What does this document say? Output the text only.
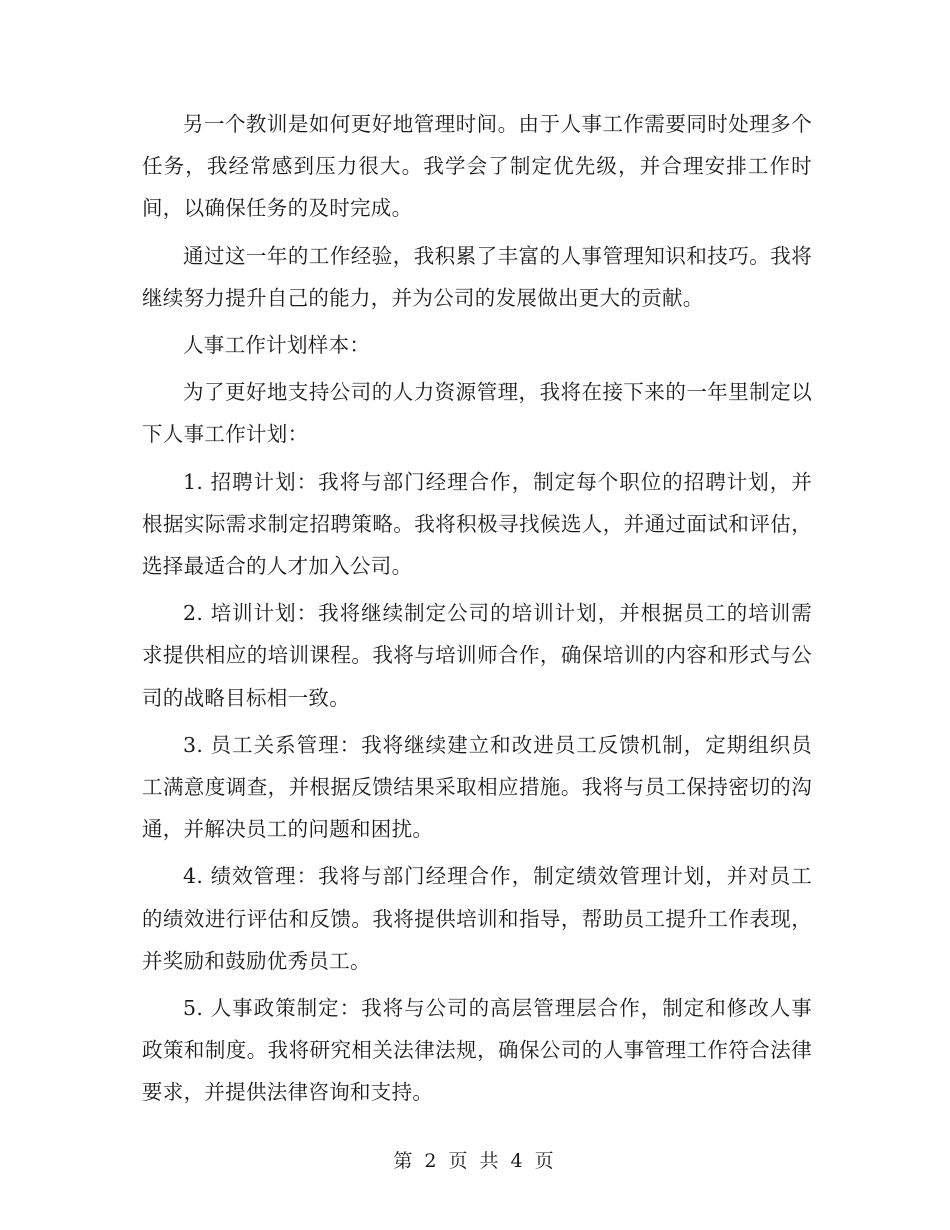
另一个教训是如何更好地管理时间。由于人事工作需要同时处理多个任务，我经常感到压力很大。我学会了制定优先级，并合理安排工作时间，以确保任务的及时完成。

通过这一年的工作经验，我积累了丰富的人事管理知识和技巧。我将继续努力提升自己的能力，并为公司的发展做出更大的贡献。

人事工作计划样本：

为了更好地支持公司的人力资源管理，我将在接下来的一年里制定以下人事工作计划：

1. 招聘计划：我将与部门经理合作，制定每个职位的招聘计划，并根据实际需求制定招聘策略。我将积极寻找候选人，并通过面试和评估，选择最适合的人才加入公司。

2. 培训计划：我将继续制定公司的培训计划，并根据员工的培训需求提供相应的培训课程。我将与培训师合作，确保培训的内容和形式与公司的战略目标相一致。

3. 员工关系管理：我将继续建立和改进员工反馈机制，定期组织员工满意度调查，并根据反馈结果采取相应措施。我将与员工保持密切的沟通，并解决员工的问题和困扰。

4. 绩效管理：我将与部门经理合作，制定绩效管理计划，并对员工的绩效进行评估和反馈。我将提供培训和指导，帮助员工提升工作表现，并奖励和鼓励优秀员工。

5. 人事政策制定：我将与公司的高层管理层合作，制定和修改人事政策和制度。我将研究相关法律法规，确保公司的人事管理工作符合法律要求，并提供法律咨询和支持。

第 2 页 共 4 页
